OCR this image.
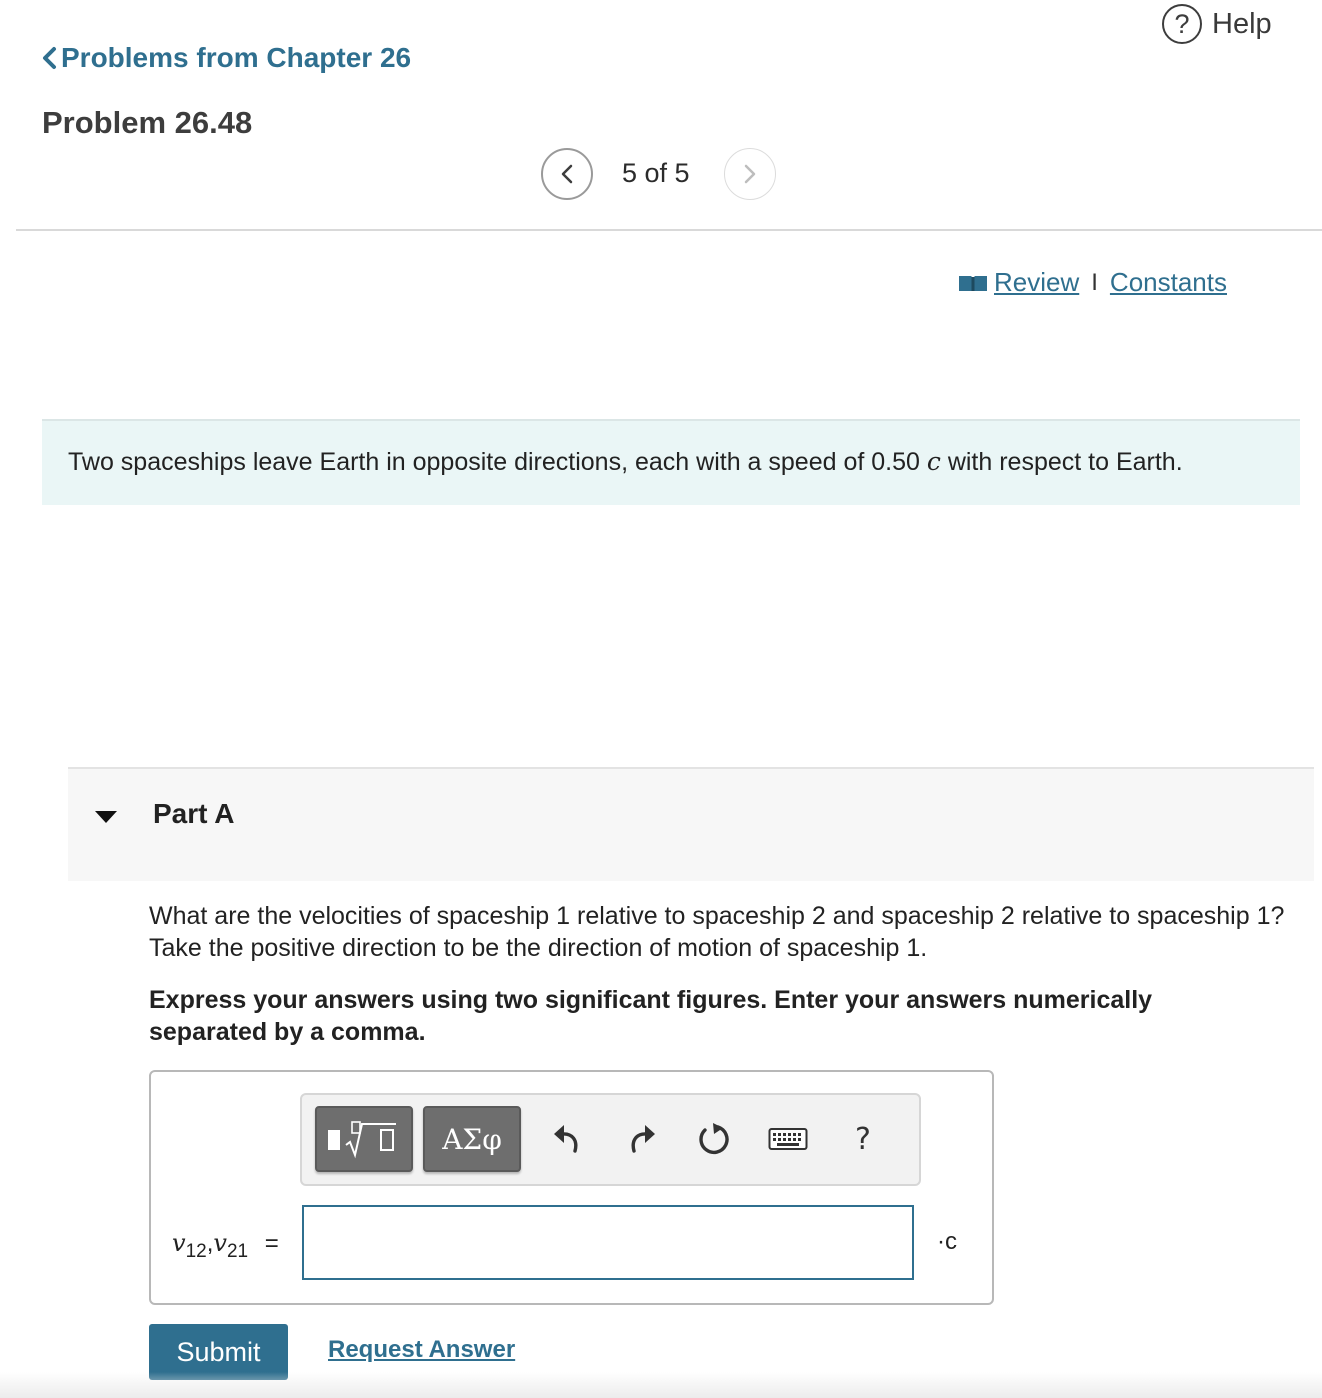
? Help
Problems from Chapter 26
Problem 26.48
5 of 5
Review I Constants
Two spaceships leave Earth in opposite directions, each with a speed of 0.50 c with respect to Earth.
Part A
What are the velocities of spaceship 1 relative to spaceship 2 and spaceship 2 relative to spaceship 1? Take the positive direction to be the direction of motion of spaceship 1.
Express your answers using two significant figures. Enter your answers numerically separated by a comma.
ΑΣφ	?
$v_{12},v_{21}$ =	·c
Submit	Request Answer
